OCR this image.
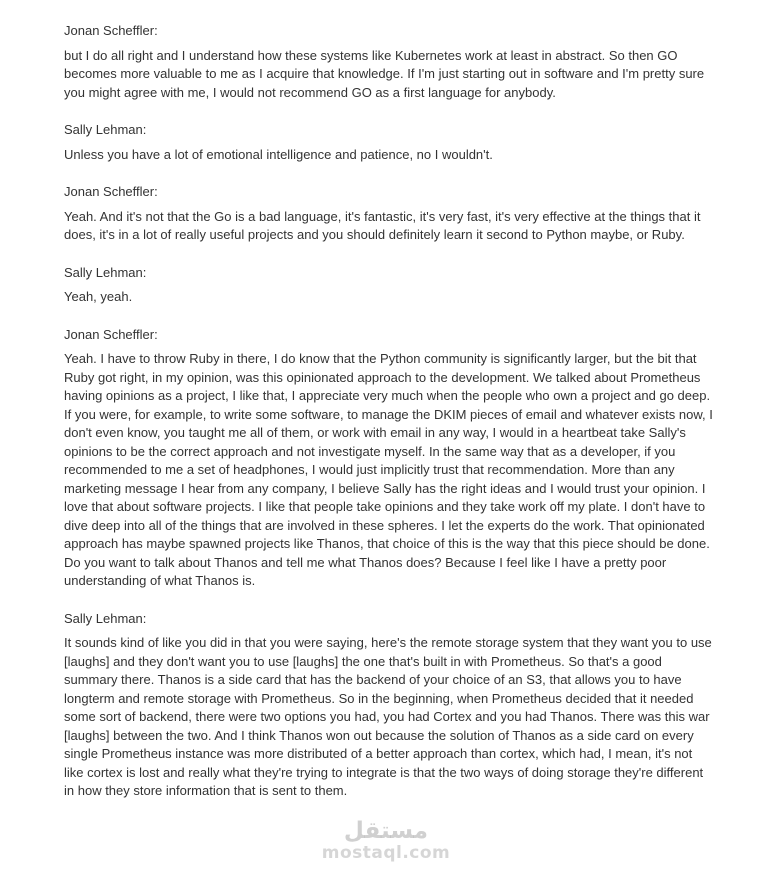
Jonan Scheffler:

but I do all right and I understand how these systems like Kubernetes work at least in abstract. So then GO becomes more valuable to me as I acquire that knowledge. If I'm just starting out in software and I'm pretty sure you might agree with me, I would not recommend GO as a first language for anybody.

Sally Lehman:

Unless you have a lot of emotional intelligence and patience, no I wouldn't.

Jonan Scheffler:

Yeah. And it's not that the Go is a bad language, it's fantastic, it's very fast, it's very effective at the things that it does, it's in a lot of really useful projects and you should definitely learn it second to Python maybe, or Ruby.

Sally Lehman:

Yeah, yeah.

Jonan Scheffler:

Yeah. I have to throw Ruby in there, I do know that the Python community is significantly larger, but the bit that Ruby got right, in my opinion, was this opinionated approach to the development. We talked about Prometheus having opinions as a project, I like that, I appreciate very much when the people who own a project and go deep. If you were, for example, to write some software, to manage the DKIM pieces of email and whatever exists now, I don't even know, you taught me all of them, or work with email in any way, I would in a heartbeat take Sally's opinions to be the correct approach and not investigate myself. In the same way that as a developer, if you recommended to me a set of headphones, I would just implicitly trust that recommendation. More than any marketing message I hear from any company, I believe Sally has the right ideas and I would trust your opinion. I love that about software projects. I like that people take opinions and they take work off my plate. I don't have to dive deep into all of the things that are involved in these spheres. I let the experts do the work. That opinionated approach has maybe spawned projects like Thanos, that choice of this is the way that this piece should be done. Do you want to talk about Thanos and tell me what Thanos does? Because I feel like I have a pretty poor understanding of what Thanos is.

Sally Lehman:

It sounds kind of like you did in that you were saying, here's the remote storage system that they want you to use [laughs] and they don't want you to use [laughs] the one that's built in with Prometheus. So that's a good summary there. Thanos is a side card that has the backend of your choice of an S3, that allows you to have longterm and remote storage with Prometheus. So in the beginning, when Prometheus decided that it needed some sort of backend, there were two options you had, you had Cortex and you had Thanos. There was this war [laughs] between the two. And I think Thanos won out because the solution of Thanos as a side card on every single Prometheus instance was more distributed of a better approach than cortex, which had, I mean, it's not like cortex is lost and really what they're trying to integrate is that the two ways of doing storage they're different in how they store information that is sent to them.

مستقل
mostaql.com
